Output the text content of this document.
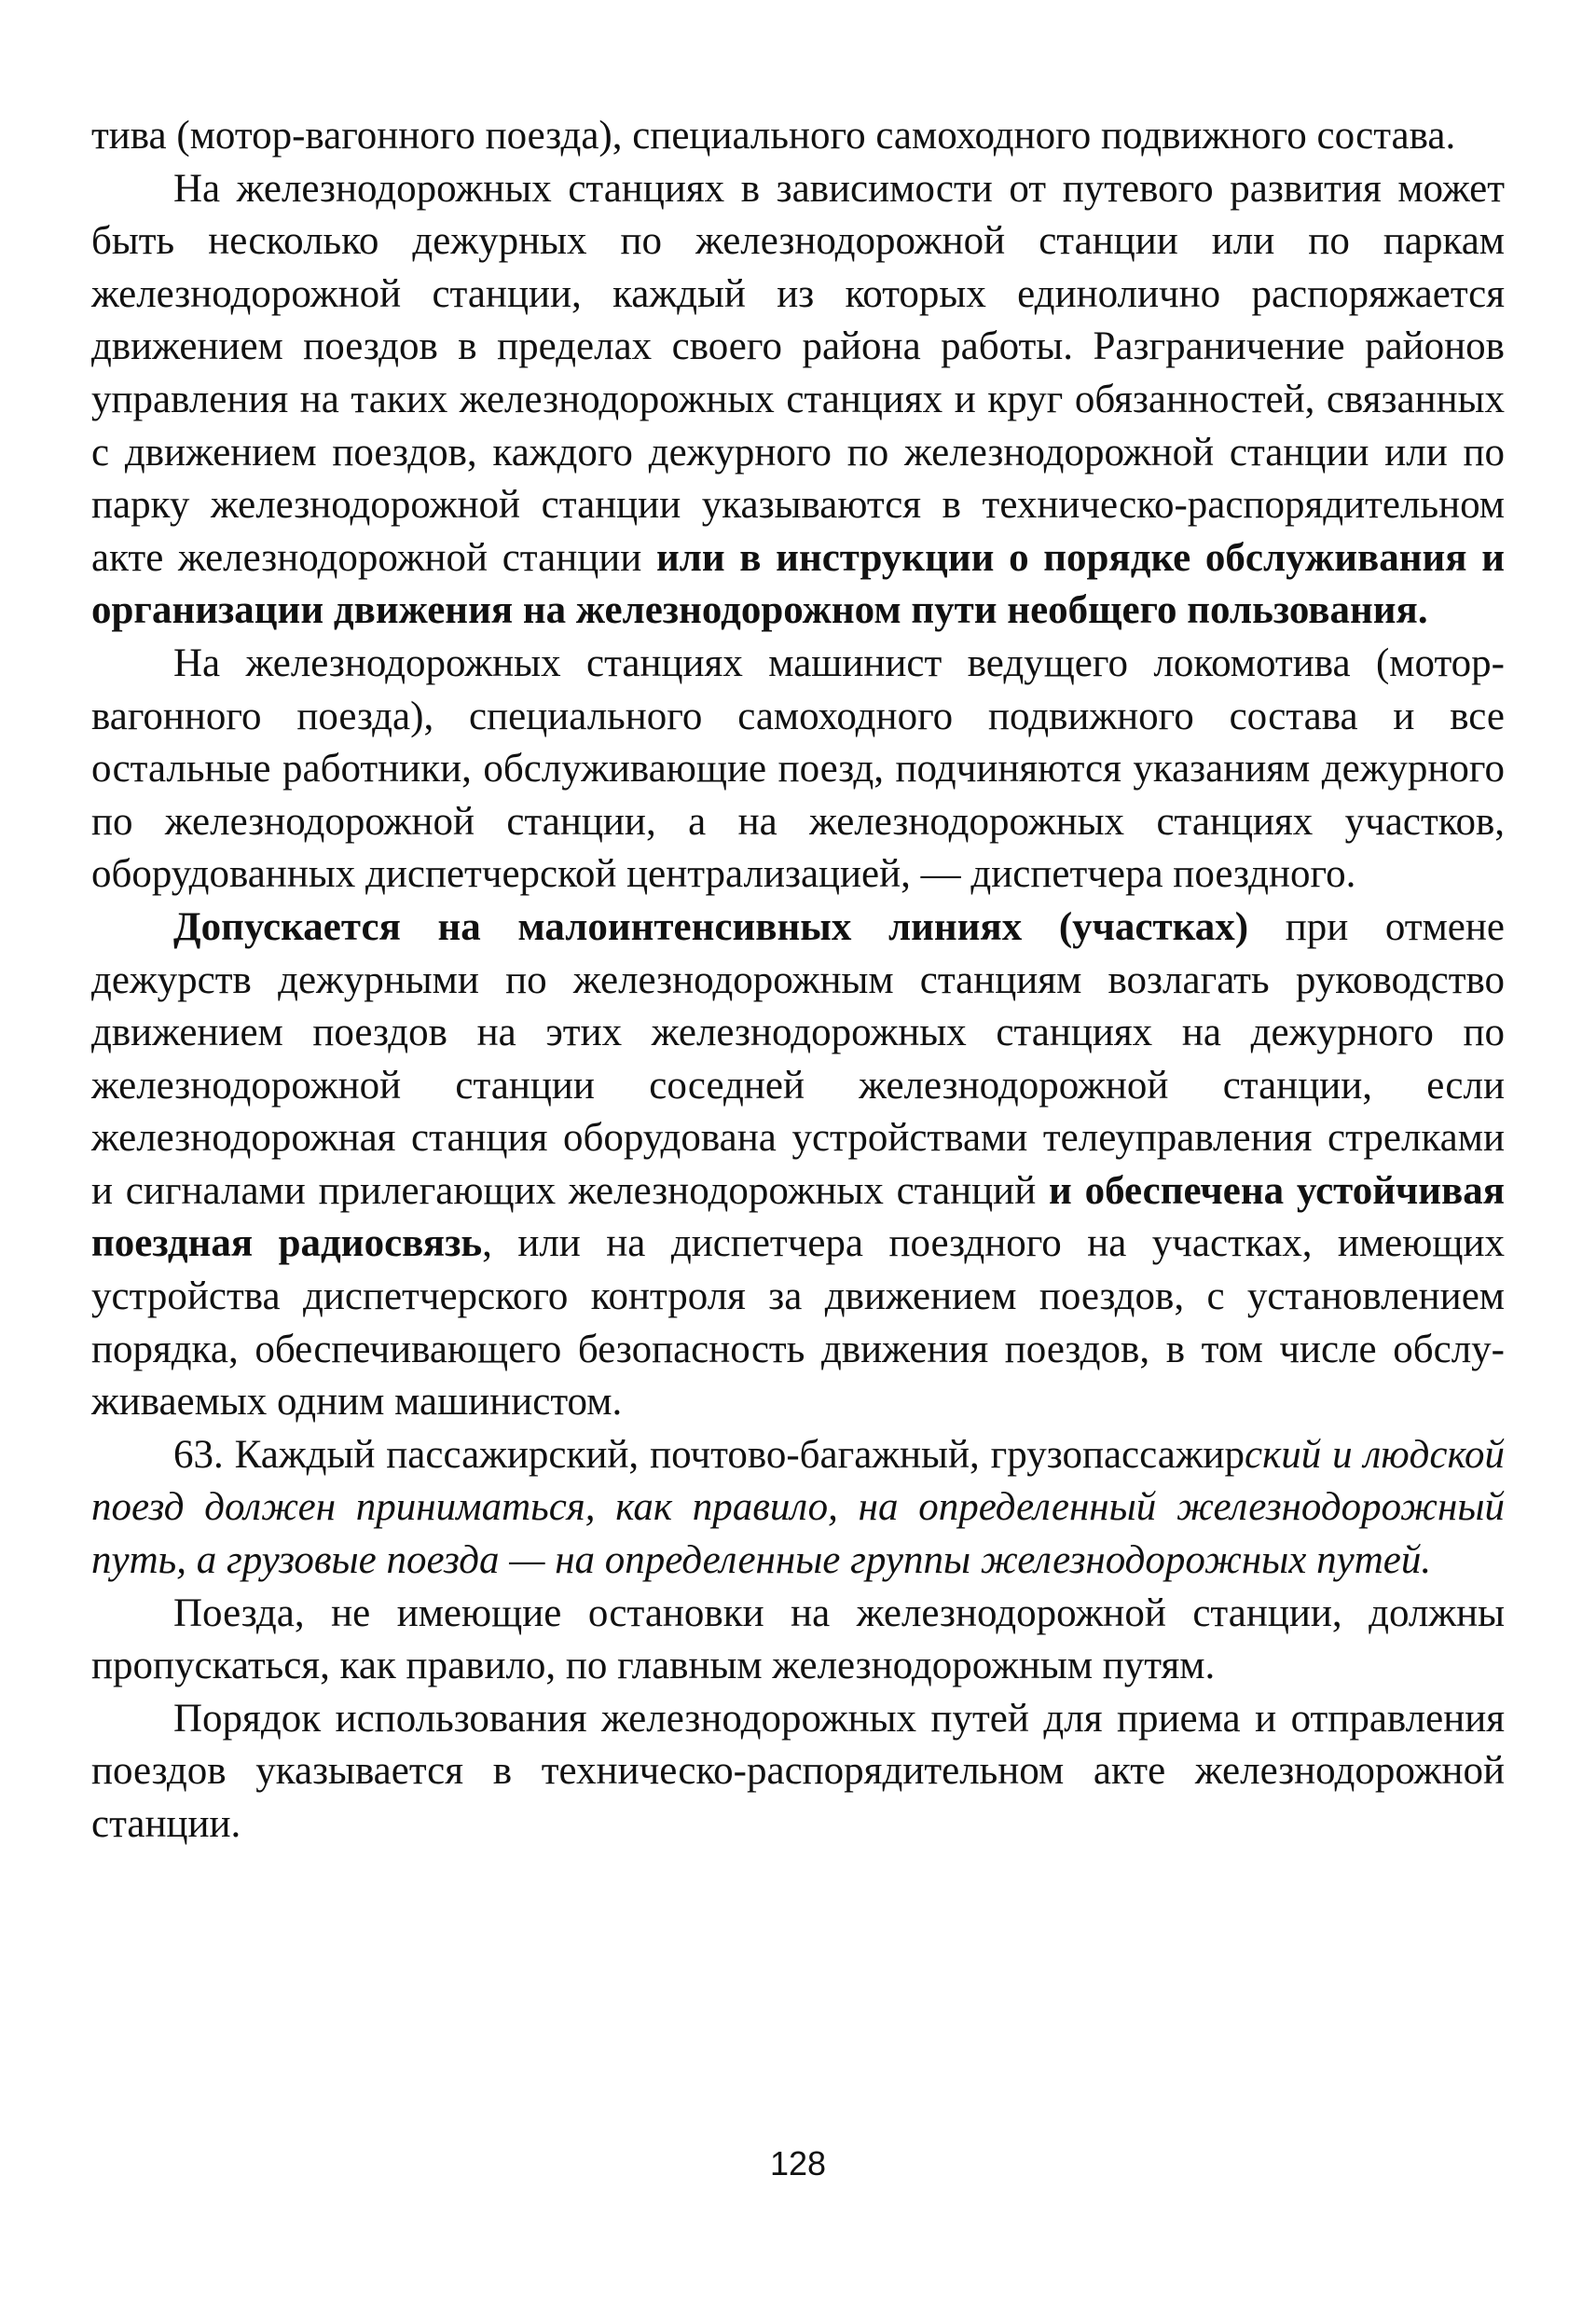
тива (мотор-вагонного поезда), специального самоходного подвижного состава.

На железнодорожных станциях в зависимости от путевого развития может быть несколько дежурных по железнодорожной станции или по паркам железнодорожной станции, каждый из которых единолично распоряжается движением поездов в пределах своего района работы. Разграничение районов управления на таких железнодорожных станциях и круг обязанностей, связанных с движением поездов, каждого дежурного по железнодорожной станции или по парку железнодорожной станции указываются в техническо-распорядительном акте железнодорожной станции или в инструкции о порядке обслуживания и организации движения на железнодорожном пути необщего пользования.

На железнодорожных станциях машинист ведущего локомотива (мотор-вагонного поезда), специального самоходного подвижного состава и все остальные работники, обслуживающие поезд, подчиняются указаниям дежурного по железнодорожной станции, а на железнодорожных станциях участков, оборудованных диспетчерской централизацией, — диспетчера поездного.

Допускается на малоинтенсивных линиях (участках) при отмене дежурств дежурными по железнодорожным станциям возлагать руководство движением поездов на этих железнодорожных станциях на дежурного по железнодорожной станции соседней железнодорожной станции, если железнодорожная станция оборудована устройствами телеуправления стрелками и сигналами прилегающих железнодорожных станций и обеспечена устойчивая поездная радиосвязь, или на диспетчера поездного на участках, имеющих устройства диспетчерского контроля за движением поездов, с установлением порядка, обеспечивающего безопасность движения поездов, в том числе обслуживаемых одним машинистом.

63. Каждый пассажирский, почтово-багажный, грузопассажирский и людской поезд должен приниматься, как правило, на определенный железнодорожный путь, а грузовые поезда — на определенные группы железнодорожных путей.

Поезда, не имеющие остановки на железнодорожной станции, должны пропускаться, как правило, по главным железнодорожным путям.

Порядок использования железнодорожных путей для приема и отправления поездов указывается в техническо-распорядительном акте железнодорожной станции.

128
